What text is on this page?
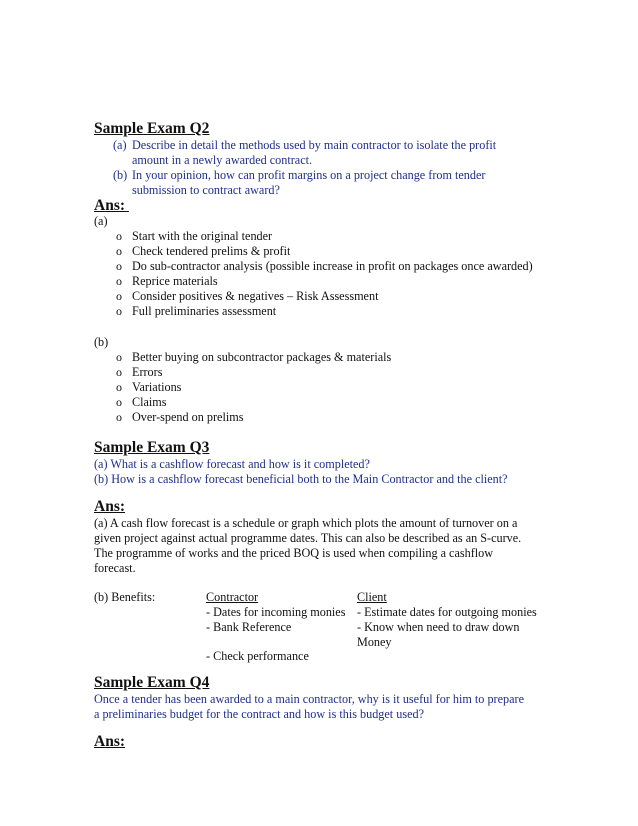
Sample Exam Q2
(a) Describe in detail the methods used by main contractor to isolate the profit
amount in a newly awarded contract.
(b) In your opinion, how can profit margins on a project change from tender
submission to contract award?
Ans:
(a)
o Start with the original tender
o Check tendered prelims & profit
o Do sub-contractor analysis (possible increase in profit on packages once awarded)
o Reprice materials
o Consider positives & negatives – Risk Assessment
o Full preliminaries assessment
(b)
o Better buying on subcontractor packages & materials
o Errors
o Variations
o Claims
o Over-spend on prelims
Sample Exam Q3
(a) What is a cashflow forecast and how is it completed?
(b) How is a cashflow forecast beneficial both to the Main Contractor and the client?
Ans:
(a) A cash flow forecast is a schedule or graph which plots the amount of turnover on a
given project against actual programme dates. This can also be described as an S-curve.
The programme of works and the priced BOQ is used when compiling a cashflow
forecast.
(b) Benefits:	Contractor	Client
- Dates for incoming monies
- Bank Reference
- Check performance
- Estimate dates for outgoing monies
- Know when need to draw down
Money
Sample Exam Q4
Once a tender has been awarded to a main contractor, why is it useful for him to prepare
a preliminaries budget for the contract and how is this budget used?
Ans:
